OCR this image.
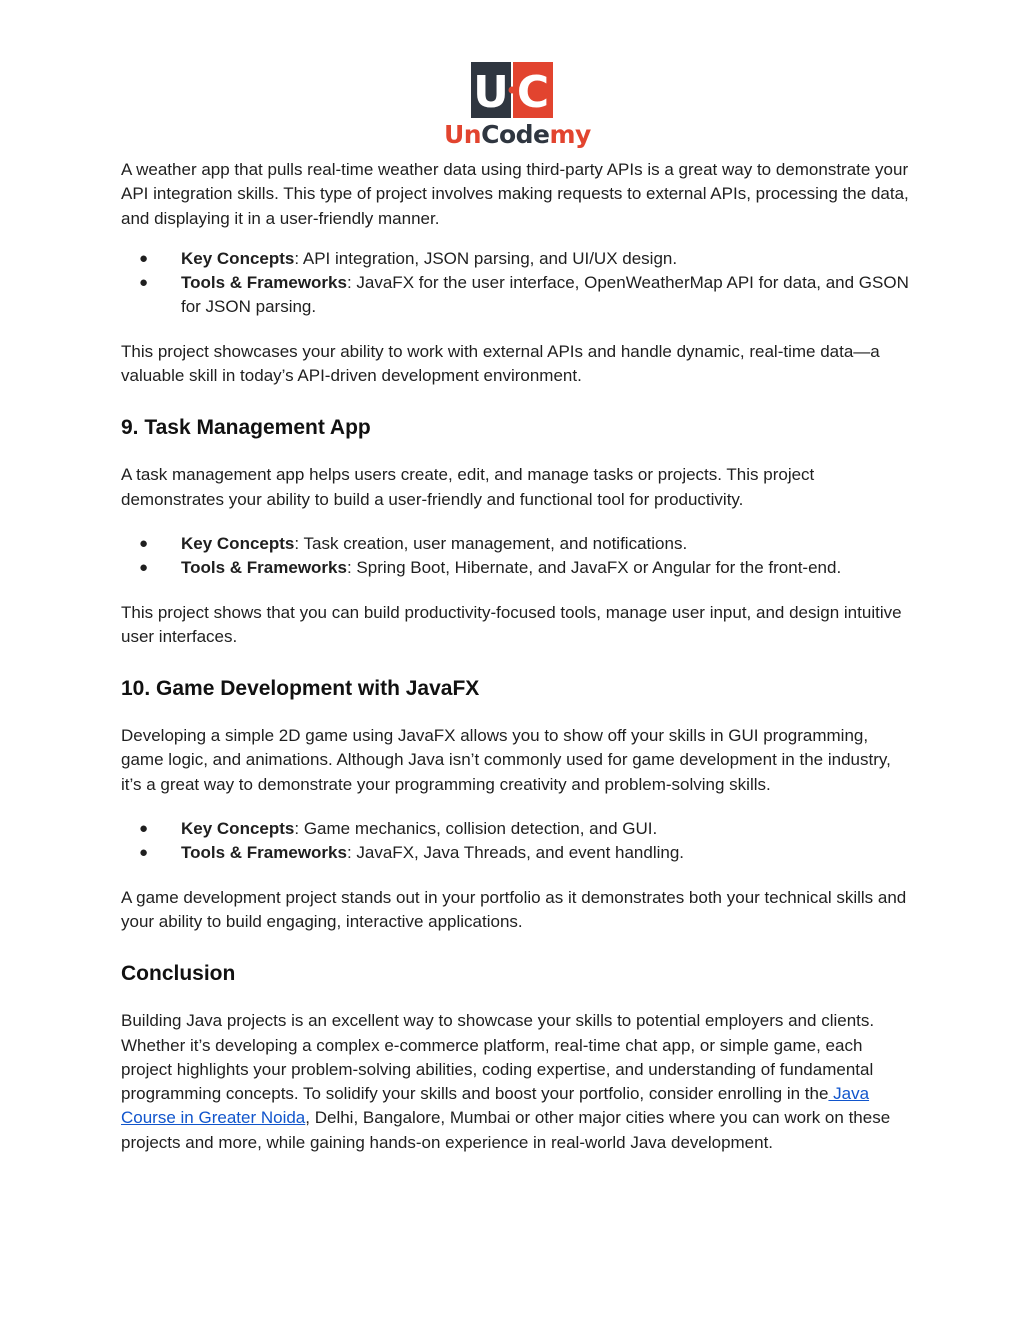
U C
UnCodemy

A weather app that pulls real-time weather data using third-party APIs is a great way to demonstrate your API integration skills. This type of project involves making requests to external APIs, processing the data, and displaying it in a user-friendly manner.

● Key Concepts: API integration, JSON parsing, and UI/UX design.
● Tools & Frameworks: JavaFX for the user interface, OpenWeatherMap API for data, and GSON for JSON parsing.

This project showcases your ability to work with external APIs and handle dynamic, real-time data—a valuable skill in today’s API-driven development environment.

9. Task Management App

A task management app helps users create, edit, and manage tasks or projects. This project demonstrates your ability to build a user-friendly and functional tool for productivity.

● Key Concepts: Task creation, user management, and notifications.
● Tools & Frameworks: Spring Boot, Hibernate, and JavaFX or Angular for the front-end.

This project shows that you can build productivity-focused tools, manage user input, and design intuitive user interfaces.

10. Game Development with JavaFX

Developing a simple 2D game using JavaFX allows you to show off your skills in GUI programming, game logic, and animations. Although Java isn’t commonly used for game development in the industry, it’s a great way to demonstrate your programming creativity and problem-solving skills.

● Key Concepts: Game mechanics, collision detection, and GUI.
● Tools & Frameworks: JavaFX, Java Threads, and event handling.

A game development project stands out in your portfolio as it demonstrates both your technical skills and your ability to build engaging, interactive applications.

Conclusion

Building Java projects is an excellent way to showcase your skills to potential employers and clients. Whether it’s developing a complex e-commerce platform, real-time chat app, or simple game, each project highlights your problem-solving abilities, coding expertise, and understanding of fundamental programming concepts. To solidify your skills and boost your portfolio, consider enrolling in the Java Course in Greater Noida, Delhi, Bangalore, Mumbai or other major cities where you can work on these projects and more, while gaining hands-on experience in real-world Java development.
